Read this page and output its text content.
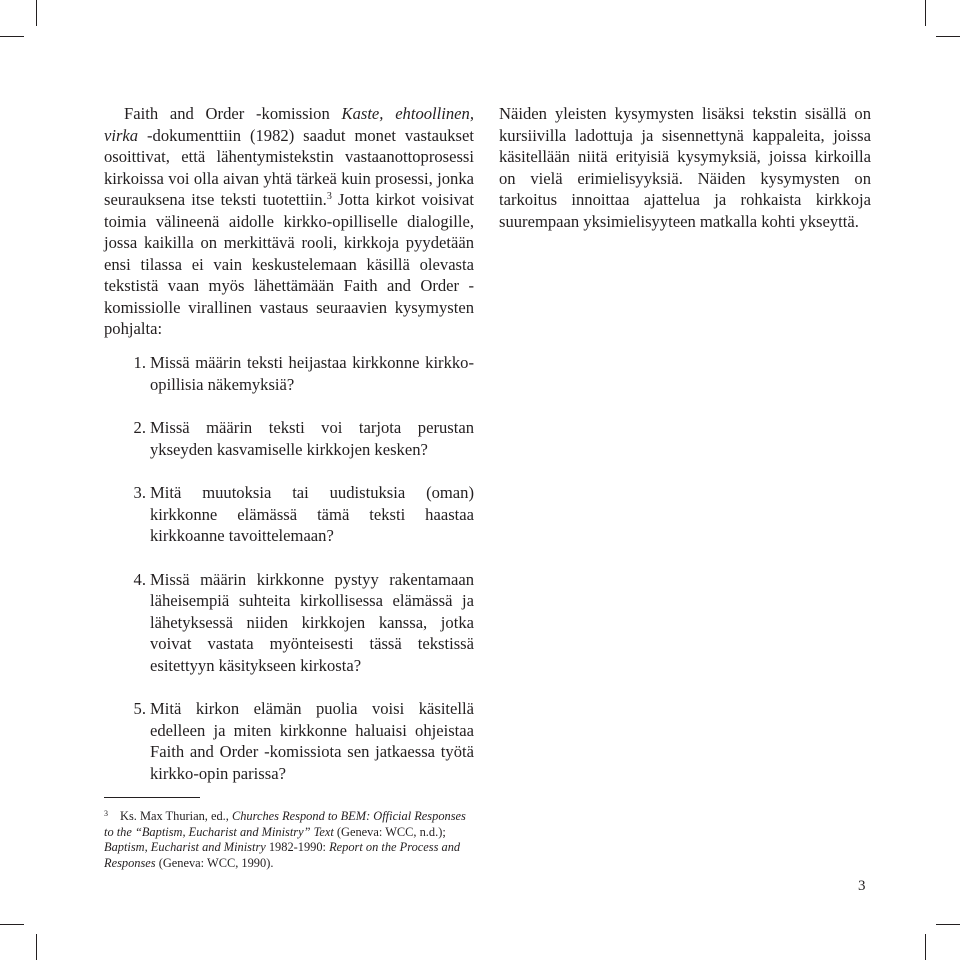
Faith and Order -komission Kaste, ehtoollinen, virka -dokumenttiin (1982) saadut monet vastaukset osoittivat, että lähentymistekstin vastaanottoprosessi kirkoissa voi olla aivan yhtä tärkeä kuin prosessi, jonka seurauksena itse teksti tuotettiin.$^3$ Jotta kirkot voisivat toimia välineenä aidolle kirkko-opilliselle dialogille, jossa kaikilla on merkittävä rooli, kirkkoja pyydetään ensi tilassa ei vain keskustelemaan käsillä olevasta tekstistä vaan myös lähettämään Faith and Order -komissiolle virallinen vastaus seuraavien kysymysten pohjalta:

1. Missä määrin teksti heijastaa kirkkonne kirkko-opillisia näkemyksiä?
2. Missä määrin teksti voi tarjota perustan ykseyden kasvamiselle kirkkojen kesken?
3. Mitä muutoksia tai uudistuksia (oman) kirkkonne elämässä tämä teksti haastaa kirkkoanne tavoittelemaan?
4. Missä määrin kirkkonne pystyy rakentamaan läheisempiä suhteita kirkollisessa elämässä ja lähetyksessä niiden kirkkojen kanssa, jotka voivat vastata myönteisesti tässä tekstissä esitettyyn käsitykseen kirkosta?
5. Mitä kirkon elämän puolia voisi käsitellä edelleen ja miten kirkkonne haluaisi ohjeistaa Faith and Order -komissiota sen jatkaessa työtä kirkko-opin parissa?

Näiden yleisten kysymysten lisäksi tekstin sisällä on kursiivilla ladottuja ja sisennettynä kappaleita, joissa käsitellään niitä erityisiä kysymyksiä, joissa kirkoilla on vielä erimielisyyksiä. Näiden kysymysten on tarkoitus innoittaa ajattelua ja rohkaista kirkkoja suurempaan yksimielisyyteen matkalla kohti ykseyttä.

$^3$ Ks. Max Thurian, ed., Churches Respond to BEM: Official Responses to the “Baptism, Eucharist and Ministry” Text (Geneva: WCC, n.d.); Baptism, Eucharist and Ministry 1982-1990: Report on the Process and Responses (Geneva: WCC, 1990).
3
